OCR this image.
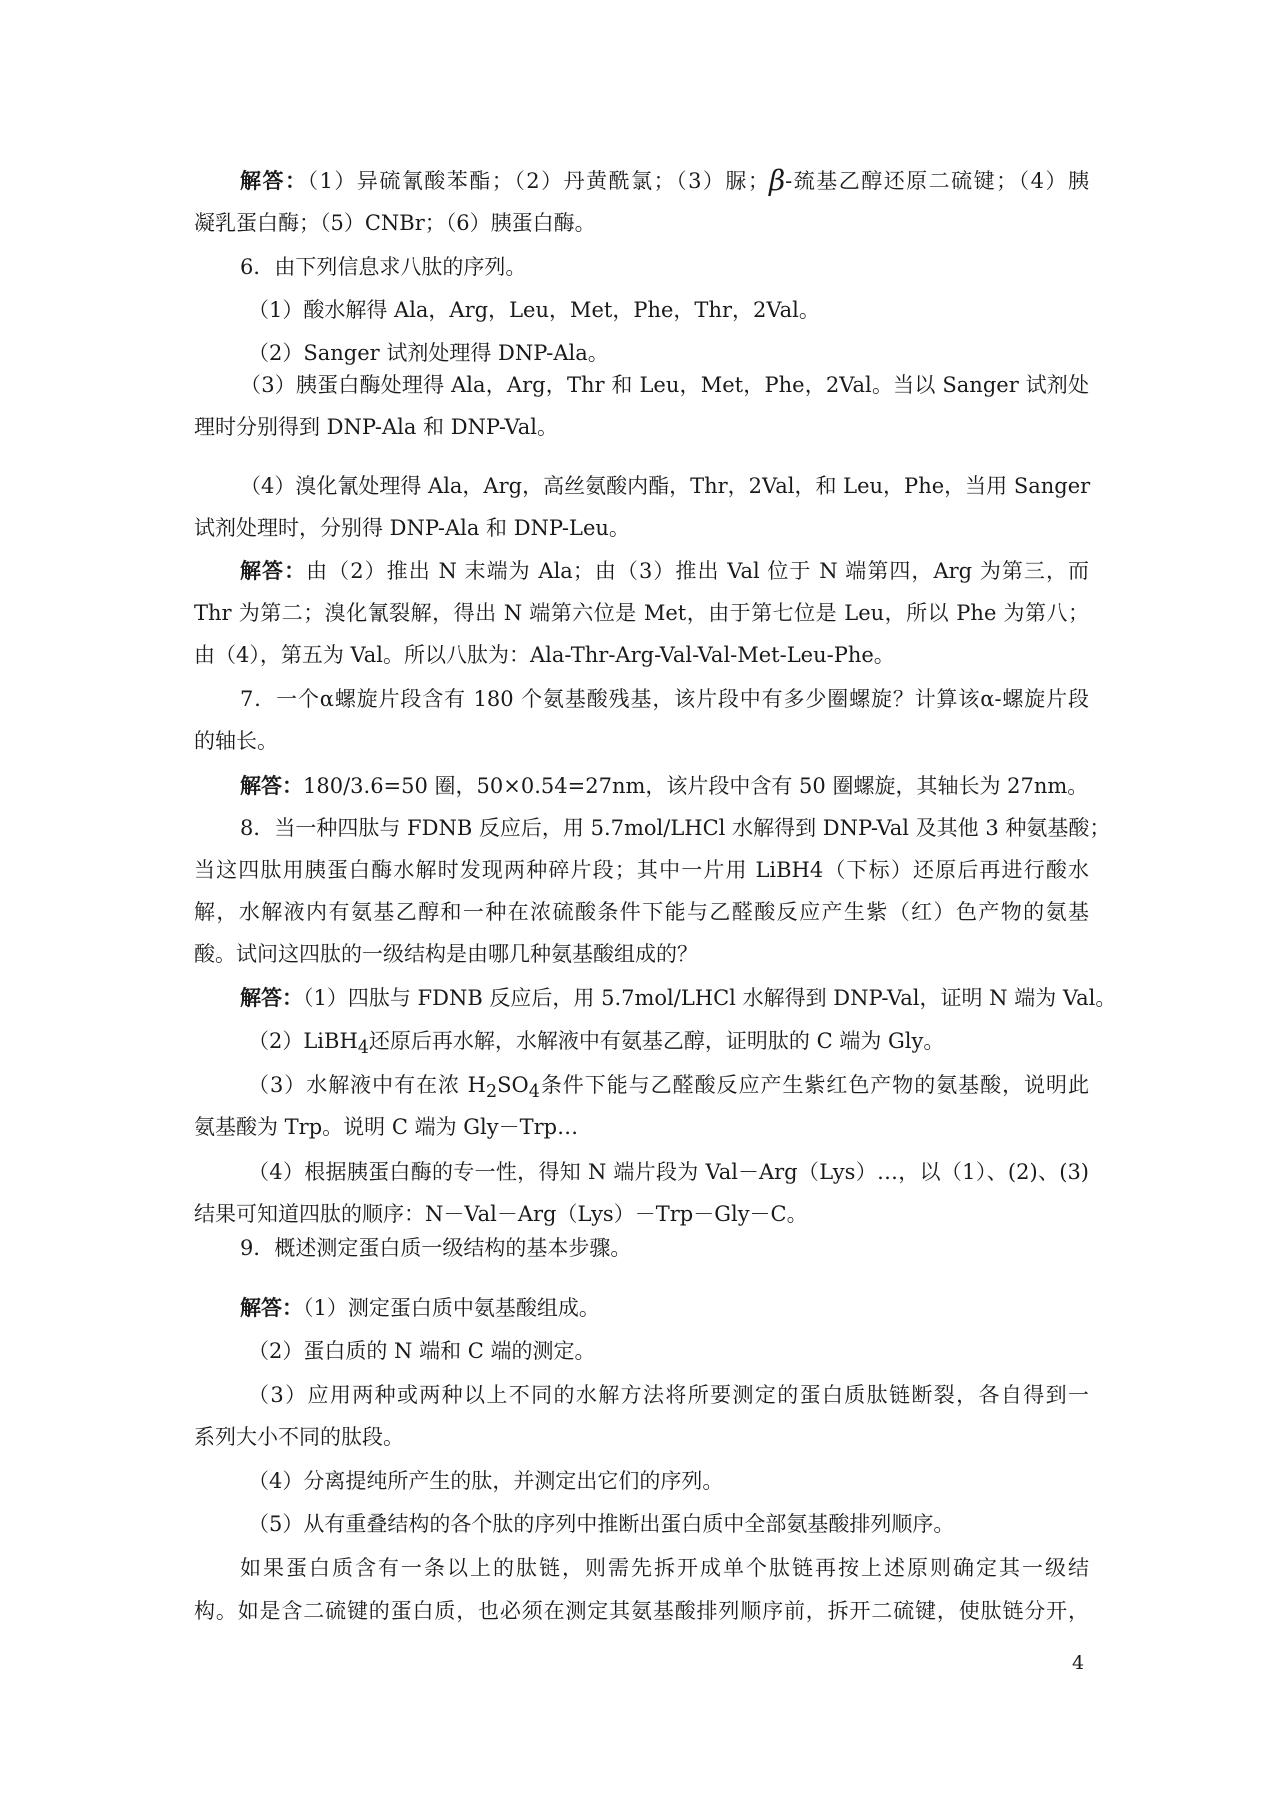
解答：（1）异硫氰酸苯酯；（2）丹黄酰氯；（3）脲；β-巯基乙醇还原二硫键；（4）胰
凝乳蛋白酶；（5）CNBr；（6）胰蛋白酶。
6．由下列信息求八肽的序列。
（1）酸水解得 Ala，Arg，Leu，Met，Phe，Thr，2Val。
（2）Sanger 试剂处理得 DNP-Ala。
（3）胰蛋白酶处理得 Ala，Arg，Thr 和 Leu，Met，Phe，2Val。当以 Sanger 试剂处
理时分别得到 DNP-Ala 和 DNP-Val。
（4）溴化氰处理得 Ala，Arg，高丝氨酸内酯，Thr，2Val，和 Leu，Phe，当用 Sanger
试剂处理时，分别得 DNP-Ala 和 DNP-Leu。
解答：由（2）推出 N 末端为 Ala；由（3）推出 Val 位于 N 端第四，Arg 为第三，而
Thr 为第二；溴化氰裂解，得出 N 端第六位是 Met，由于第七位是 Leu，所以 Phe 为第八；
由（4），第五为 Val。所以八肽为：Ala-Thr-Arg-Val-Val-Met-Leu-Phe。
7．一个α螺旋片段含有 180 个氨基酸残基，该片段中有多少圈螺旋？计算该α-螺旋片段
的轴长。
解答：180/3.6=50 圈，50×0.54=27nm，该片段中含有 50 圈螺旋，其轴长为 27nm。
8．当一种四肽与 FDNB 反应后，用 5.7mol/LHCl 水解得到 DNP-Val 及其他 3 种氨基酸；
当这四肽用胰蛋白酶水解时发现两种碎片段；其中一片用 LiBH4（下标）还原后再进行酸水
解，水解液内有氨基乙醇和一种在浓硫酸条件下能与乙醛酸反应产生紫（红）色产物的氨基
酸。试问这四肽的一级结构是由哪几种氨基酸组成的？
解答：（1）四肽与 FDNB 反应后，用 5.7mol/LHCl 水解得到 DNP-Val，证明 N 端为 Val。
（2）LiBH$_4$还原后再水解，水解液中有氨基乙醇，证明肽的 C 端为 Gly。
（3）水解液中有在浓 $H_2SO_4$条件下能与乙醛酸反应产生紫红色产物的氨基酸，说明此
氨基酸为 Trp。说明 C 端为 Gly－Trp…
（4）根据胰蛋白酶的专一性，得知 N 端片段为 Val－Arg（Lys）…，以（1）、(2)、(3)
结果可知道四肽的顺序：N－Val－Arg（Lys）－Trp－Gly－C。
9．概述测定蛋白质一级结构的基本步骤。
解答：（1）测定蛋白质中氨基酸组成。
（2）蛋白质的 N 端和 C 端的测定。
（3）应用两种或两种以上不同的水解方法将所要测定的蛋白质肽链断裂，各自得到一
系列大小不同的肽段。
（4）分离提纯所产生的肽，并测定出它们的序列。
（5）从有重叠结构的各个肽的序列中推断出蛋白质中全部氨基酸排列顺序。
如果蛋白质含有一条以上的肽链，则需先拆开成单个肽链再按上述原则确定其一级结
构。如是含二硫键的蛋白质，也必须在测定其氨基酸排列顺序前，拆开二硫键，使肽链分开，
4
